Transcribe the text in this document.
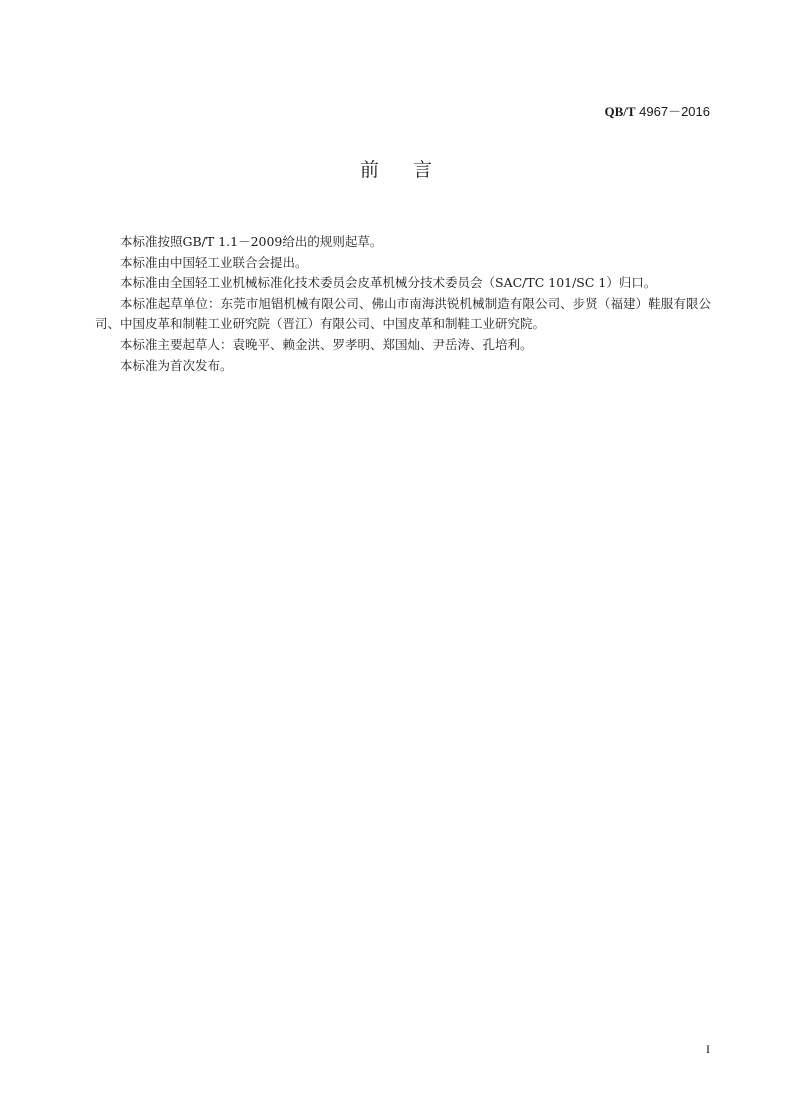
QB/T 4967－2016
前言

本标准按照GB/T 1.1－2009给出的规则起草。

本标准由中国轻工业联合会提出。

本标准由全国轻工业机械标准化技术委员会皮革机械分技术委员会（SAC/TC 101/SC 1）归口。

本标准起草单位：东莞市旭锠机械有限公司、佛山市南海洪锐机械制造有限公司、步贤（福建）鞋服有限公司、中国皮革和制鞋工业研究院（晋江）有限公司、中国皮革和制鞋工业研究院。

本标准主要起草人：袁晚平、赖金洪、罗孝明、郑国灿、尹岳涛、孔培利。

本标准为首次发布。

I
